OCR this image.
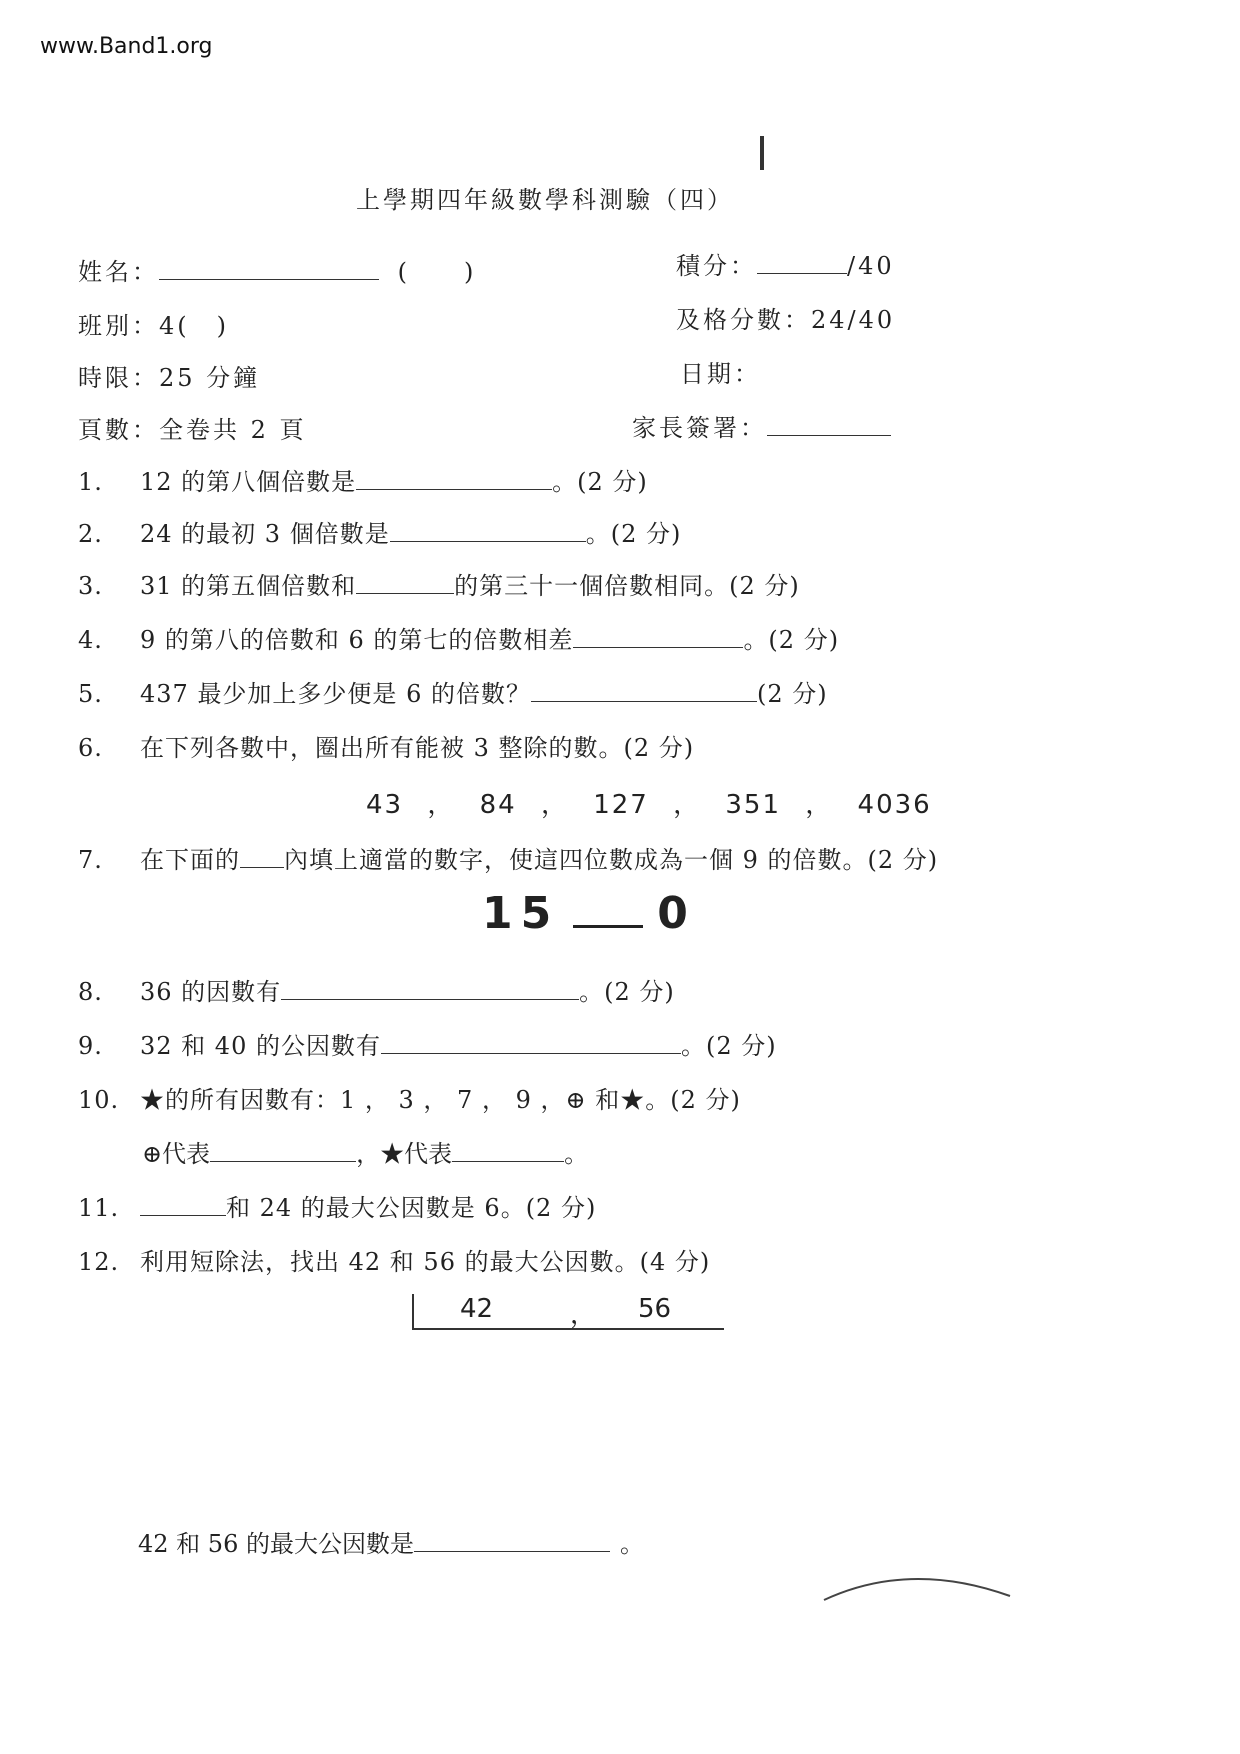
www.Band1.org
上學期四年級數學科測驗（四）
姓名：	(　　)	積分：	/40
班別：4(　)	及格分數：24/40
時限：25 分鐘	日期：
頁數：全卷共 2 頁	家長簽署：
1. 12 的第八個倍數是	。(2 分)
2. 24 的最初 3 個倍數是	。(2 分)
3. 31 的第五個倍數和	的第三十一個倍數相同。(2 分)
4. 9 的第八的倍數和 6 的第七的倍數相差	。(2 分)
5. 437 最少加上多少便是 6 的倍數？	(2 分)
6. 在下列各數中，圈出所有能被 3 整除的數。(2 分)
43 ， 84 ， 127 ， 351 ， 4036
7. 在下面的 內填上適當的數字，使這四位數成為一個 9 的倍數。(2 分)
15 0
8. 36 的因數有	。(2 分)
9. 32 和 40 的公因數有	。(2 分)
10. ★的所有因數有：1 ， 3 ， 7 ， 9 ，⊕ 和★。(2 分)
⊕代表	，★代表	。
11.	和 24 的最大公因數是 6。(2 分)
12. 利用短除法，找出 42 和 56 的最大公因數。(4 分)
42	， 56
42 和 56 的最大公因數是	。
